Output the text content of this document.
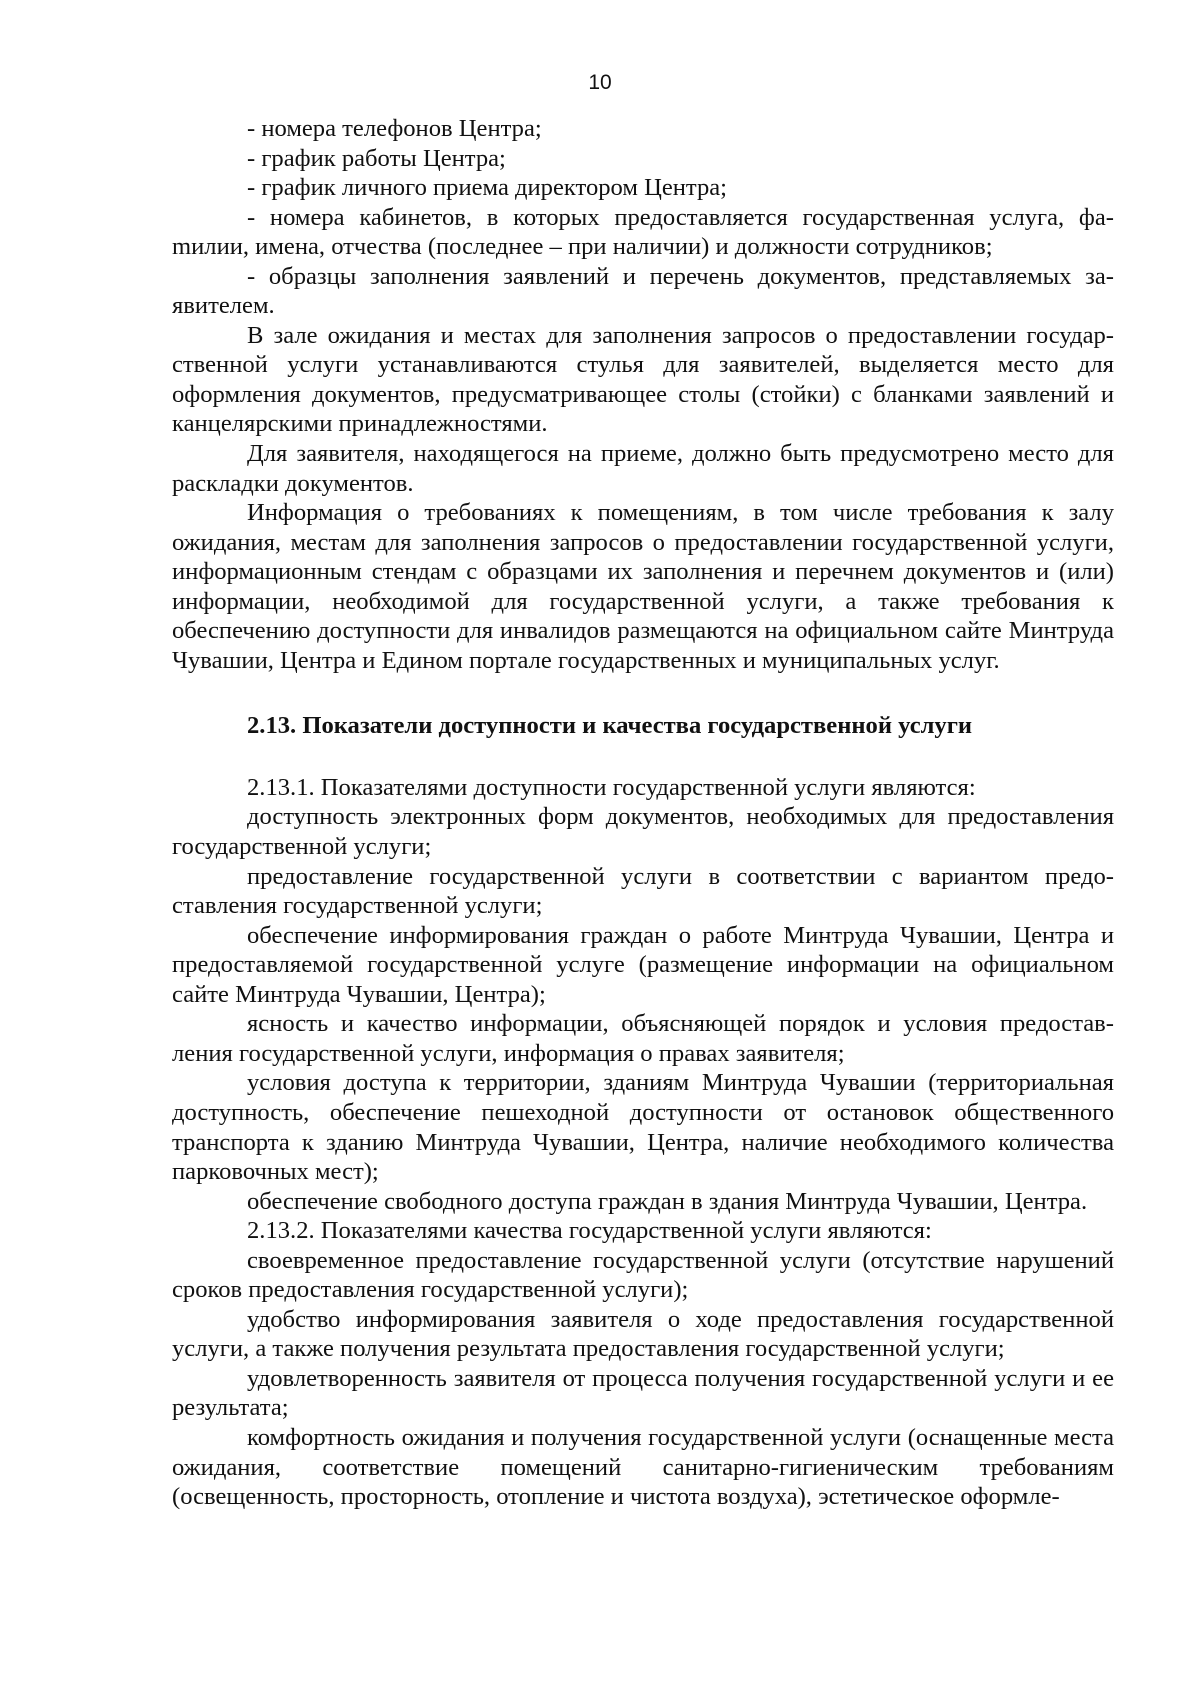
10

- номера телефонов Центра;

- график работы Центра;

- график личного приема директором Центра;

- номера кабинетов, в которых предоставляется государственная услуга, фаmилии, имена, отчества (последнее – при наличии) и должности сотрудников;

- образцы заполнения заявлений и перечень документов, представляемых заявителем.

В зале ожидания и местах для заполнения запросов о предоставлении государственной услуги устанавливаются стулья для заявителей, выделяется место для оформления документов, предусматривающее столы (стойки) с бланками заявлений и канцелярскими принадлежностями.

Для заявителя, находящегося на приеме, должно быть предусмотрено место для раскладки документов.

Информация о требованиях к помещениям, в том числе требования к залу ожидания, местам для заполнения запросов о предоставлении государственной услуги, информационным стендам с образцами их заполнения и перечнем документов и (или) информации, необходимой для государственной услуги, а также требования к обеспечению доступности для инвалидов размещаются на официальном сайте Минтруда Чувашии, Центра и Едином портале государственных и муниципальных услуг.

2.13. Показатели доступности и качества государственной услуги

2.13.1. Показателями доступности государственной услуги являются:

доступность электронных форм документов, необходимых для предоставления государственной услуги;

предоставление государственной услуги в соответствии с вариантом предоставления государственной услуги;

обеспечение информирования граждан о работе Минтруда Чувашии, Центра и предоставляемой государственной услуге (размещение информации на официальном сайте Минтруда Чувашии, Центра);

ясность и качество информации, объясняющей порядок и условия предоставления государственной услуги, информация о правах заявителя;

условия доступа к территории, зданиям Минтруда Чувашии (территориальная доступность, обеспечение пешеходной доступности от остановок общественного транспорта к зданию Минтруда Чувашии, Центра, наличие необходимого количества парковочных мест);

обеспечение свободного доступа граждан в здания Минтруда Чувашии, Центра.

2.13.2. Показателями качества государственной услуги являются:

своевременное предоставление государственной услуги (отсутствие нарушений сроков предоставления государственной услуги);

удобство информирования заявителя о ходе предоставления государственной услуги, а также получения результата предоставления государственной услуги;

удовлетворенность заявителя от процесса получения государственной услуги и ее результата;

комфортность ожидания и получения государственной услуги (оснащенные места ожидания, соответствие помещений санитарно-гигиеническим требованиям (освещенность, просторность, отопление и чистота воздуха), эстетическое оформле-
